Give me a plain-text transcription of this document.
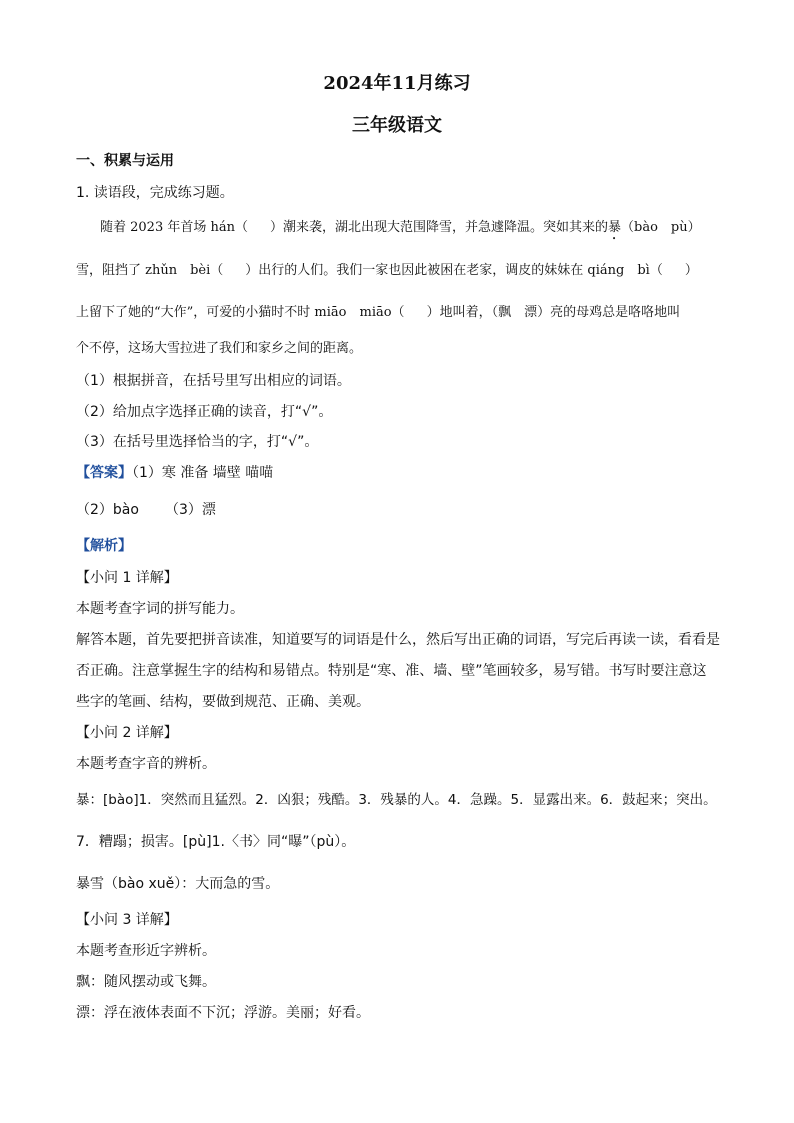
2024年11月练习
三年级语文
一、积累与运用
1. 读语段，完成练习题。
随着 2023 年首场 hán（ ）潮来袭，湖北出现大范围降雪，并急遽降温。突如其来的暴（bào　pù）
雪，阻挡了 zhǔn　bèi（ ）出行的人们。我们一家也因此被困在老家，调皮的妹妹在 qiáng　bì（ ）
上留下了她的“大作”，可爱的小猫时不时 miāo　miāo（ ）地叫着，（飘　漂）亮的母鸡总是咯咯地叫
个不停，这场大雪拉进了我们和家乡之间的距离。
（1）根据拼音，在括号里写出相应的词语。
（2）给加点字选择正确的读音，打“√”。
（3）在括号里选择恰当的字，打“√”。
【答案】（1）寒 准备 墙壁 喵喵
（2）bào （3）漂
【解析】
【小问 1 详解】
本题考查字词的拼写能力。
解答本题，首先要把拼音读准，知道要写的词语是什么，然后写出正确的词语，写完后再读一读，看看是
否正确。注意掌握生字的结构和易错点。特别是“寒、准、墙、壁”笔画较多，易写错。书写时要注意这
些字的笔画、结构，要做到规范、正确、美观。
【小问 2 详解】
本题考查字音的辨析。
暴：[bào]1．突然而且猛烈。2．凶狠；残酷。3．残暴的人。4．急躁。5．显露出来。6．鼓起来；突出。
7．糟蹋；损害。[pù]1.〈书〉同“曝”（pù）。
暴雪（bào xuě）：大而急的雪。
【小问 3 详解】
本题考查形近字辨析。
飘：随风摆动或飞舞。
漂：浮在液体表面不下沉；浮游。美丽；好看。
